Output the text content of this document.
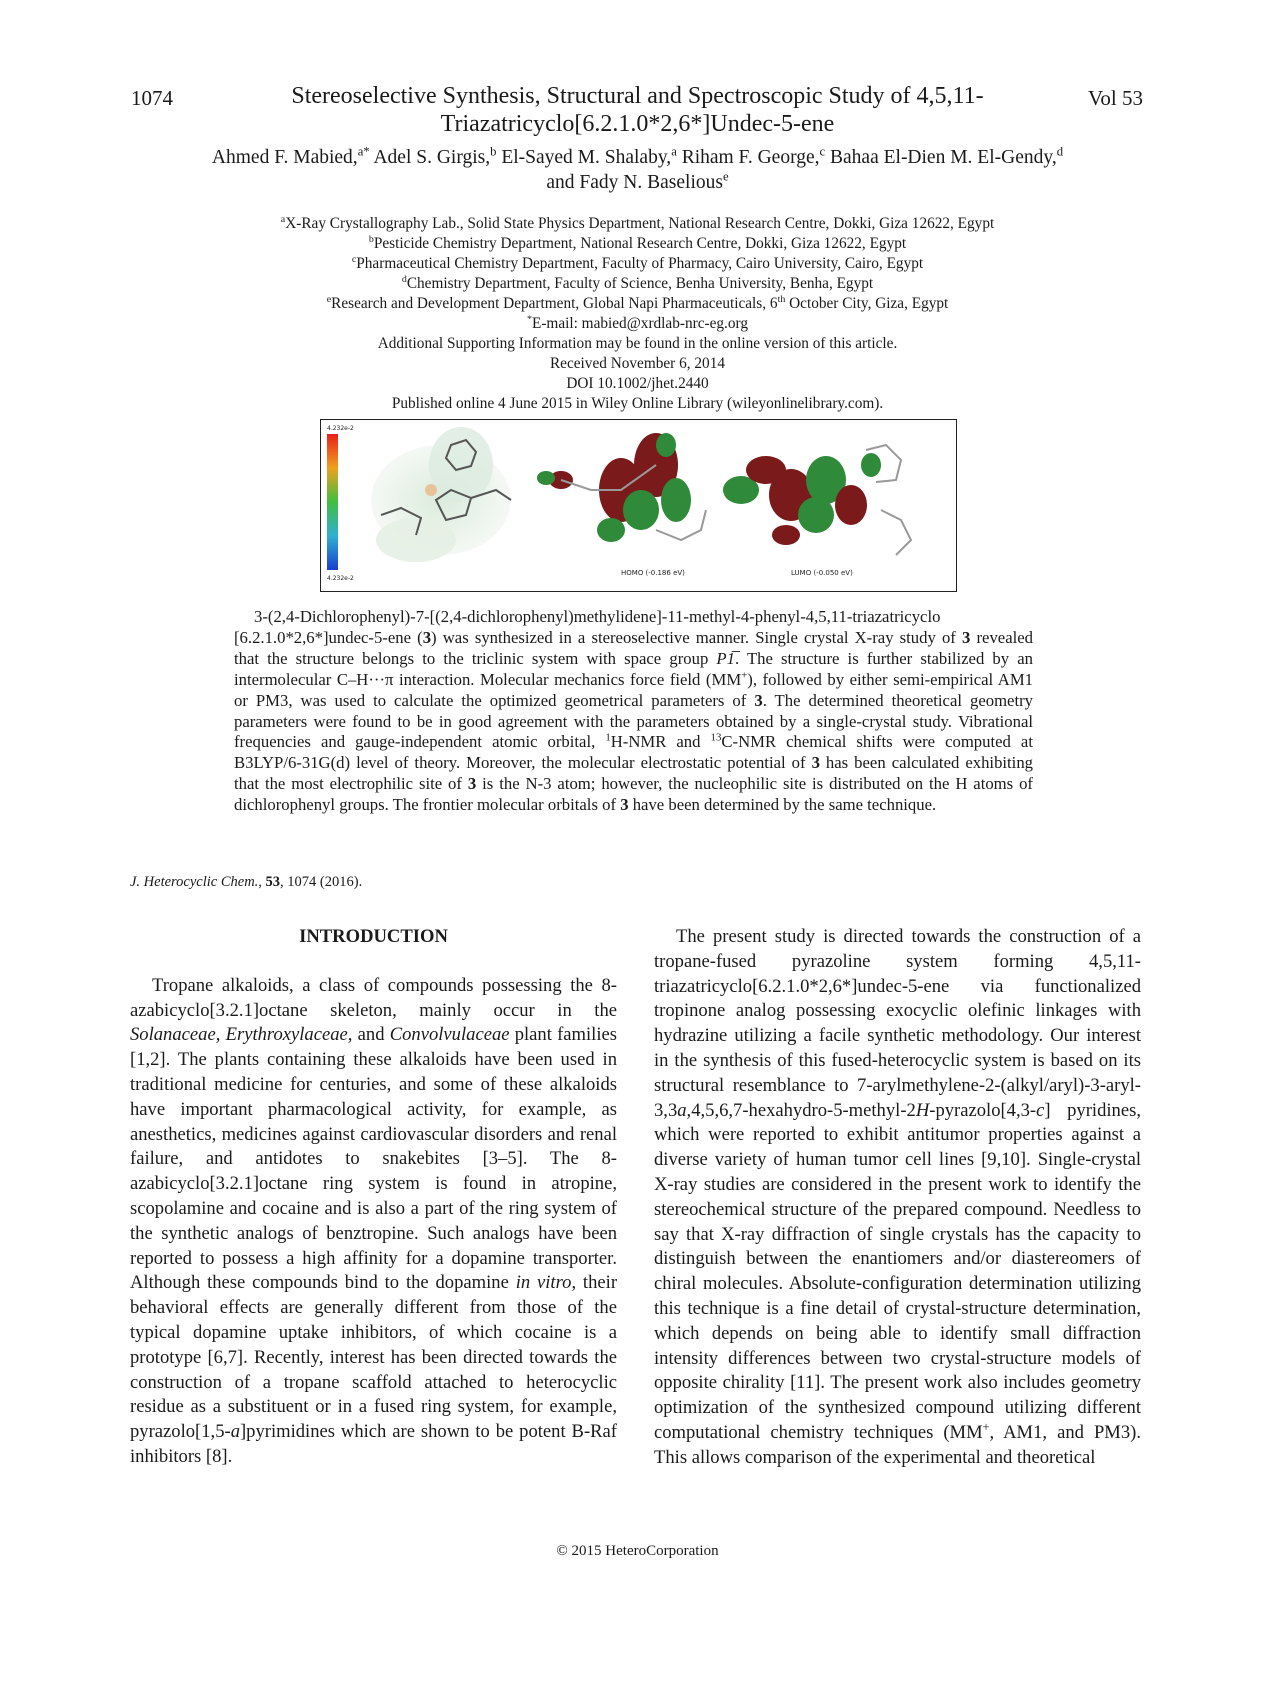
1074	Vol 53
Stereoselective Synthesis, Structural and Spectroscopic Study of 4,5,11-Triazatricyclo[6.2.1.0*2,6*]Undec-5-ene
Ahmed F. Mabied,$^{a*}$ Adel S. Girgis,$^b$ El-Sayed M. Shalaby,$^a$ Riham F. George,$^c$ Bahaa El-Dien M. El-Gendy,$^d$
and Fady N. Baselious$^e$
$^a$X-Ray Crystallography Lab., Solid State Physics Department, National Research Centre, Dokki, Giza 12622, Egypt
$^b$Pesticide Chemistry Department, National Research Centre, Dokki, Giza 12622, Egypt
$^c$Pharmaceutical Chemistry Department, Faculty of Pharmacy, Cairo University, Cairo, Egypt
$^d$Chemistry Department, Faculty of Science, Benha University, Benha, Egypt
$^e$Research and Development Department, Global Napi Pharmaceuticals, 6th October City, Giza, Egypt
*E-mail: mabied@xrdlab-nrc-eg.org
Additional Supporting Information may be found in the online version of this article.
Received November 6, 2014
DOI 10.1002/jhet.2440
Published online 4 June 2015 in Wiley Online Library (wileyonlinelibrary.com).
4.232e-2
4.232e-2
HOMO (-0.186 eV)	LUMO (-0.050 eV)
3-(2,4-Dichlorophenyl)-7-[(2,4-dichlorophenyl)methylidene]-11-methyl-4-phenyl-4,5,11-triazatricyclo [6.2.1.0*2,6*]undec-5-ene (3) was synthesized in a stereoselective manner. Single crystal X-ray study of 3 revealed that the structure belongs to the triclinic system with space group P1̅. The structure is further stabilized by an intermolecular C–H···π interaction. Molecular mechanics force field (MM+), followed by either semi-empirical AM1 or PM3, was used to calculate the optimized geometrical parameters of 3. The determined theoretical geometry parameters were found to be in good agreement with the parameters obtained by a single-crystal study. Vibrational frequencies and gauge-independent atomic orbital, $^1$H-NMR and $^{13}$C-NMR chemical shifts were computed at B3LYP/6-31G(d) level of theory. Moreover, the molecular electrostatic potential of 3 has been calculated exhibiting that the most electrophilic site of 3 is the N-3 atom; however, the nucleophilic site is distributed on the H atoms of dichlorophenyl groups. The frontier molecular orbitals of 3 have been determined by the same technique.
J. Heterocyclic Chem., 53, 1074 (2016).
INTRODUCTION

Tropane alkaloids, a class of compounds possessing the 8-azabicyclo[3.2.1]octane skeleton, mainly occur in the Solanaceae, Erythroxylaceae, and Convolvulaceae plant families [1,2]. The plants containing these alkaloids have been used in traditional medicine for centuries, and some of these alkaloids have important pharmacological activity, for example, as anesthetics, medicines against cardiovascular disorders and renal failure, and antidotes to snakebites [3–5]. The 8-azabicyclo[3.2.1]octane ring system is found in atropine, scopolamine and cocaine and is also a part of the ring system of the synthetic analogs of benztropine. Such analogs have been reported to possess a high affinity for a dopamine transporter. Although these compounds bind to the dopamine in vitro, their behavioral effects are generally different from those of the typical dopamine uptake inhibitors, of which cocaine is a prototype [6,7]. Recently, interest has been directed towards the construction of a tropane scaffold attached to heterocyclic residue as a substituent or in a fused ring system, for example, pyrazolo[1,5-a]pyrimidines which are shown to be potent B-Raf inhibitors [8].

The present study is directed towards the construction of a tropane-fused pyrazoline system forming 4,5,11-triazatricyclo[6.2.1.0*2,6*]undec-5-ene via functionalized tropinone analog possessing exocyclic olefinic linkages with hydrazine utilizing a facile synthetic methodology. Our interest in the synthesis of this fused-heterocyclic system is based on its structural resemblance to 7-arylmethylene-2-(alkyl/aryl)-3-aryl-3,3a,4,5,6,7-hexahydro-5-methyl-2H-pyrazolo[4,3-c] pyridines, which were reported to exhibit antitumor properties against a diverse variety of human tumor cell lines [9,10]. Single-crystal X-ray studies are considered in the present work to identify the stereochemical structure of the prepared compound. Needless to say that X-ray diffraction of single crystals has the capacity to distinguish between the enantiomers and/or diastereomers of chiral molecules. Absolute-configuration determination utilizing this technique is a fine detail of crystal-structure determination, which depends on being able to identify small diffraction intensity differences between two crystal-structure models of opposite chirality [11]. The present work also includes geometry optimization of the synthesized compound utilizing different computational chemistry techniques (MM+, AM1, and PM3). This allows comparison of the experimental and theoretical

© 2015 HeteroCorporation
